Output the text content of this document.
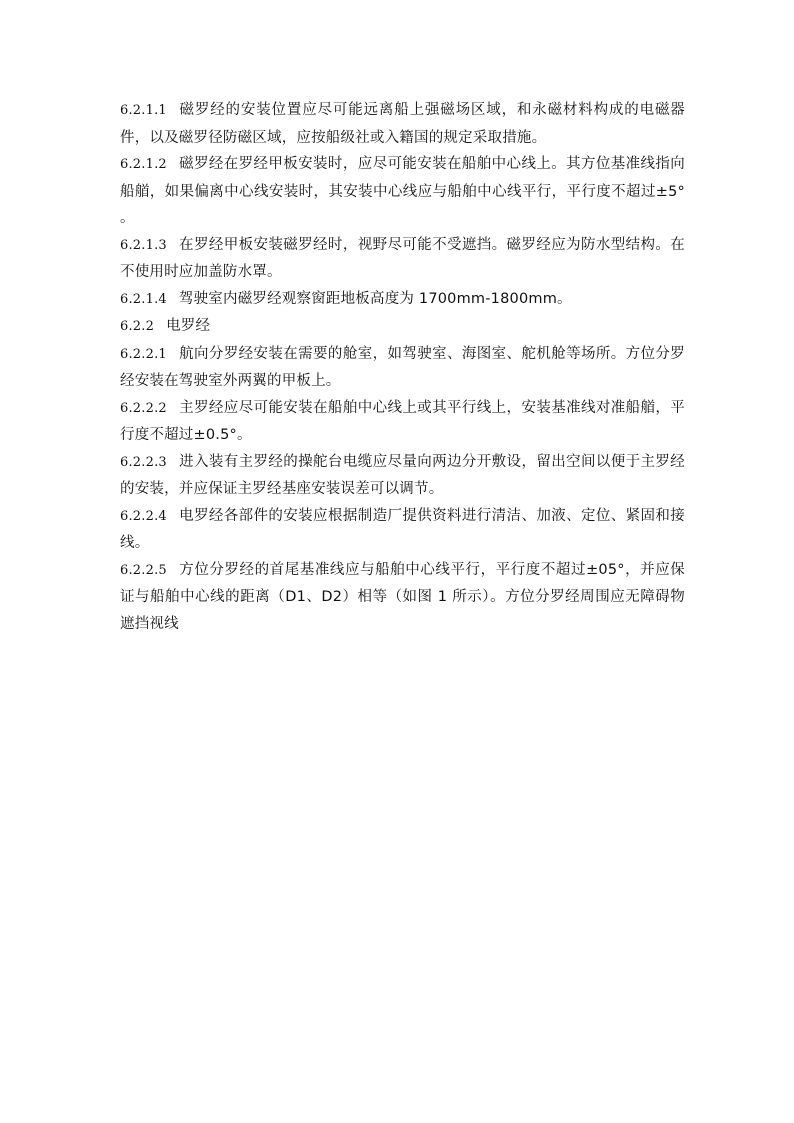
6.2.1.1 磁罗经的安装位置应尽可能远离船上强磁场区域，和永磁材料构成的电磁器件，以及磁罗径防磁区域，应按船级社或入籍国的规定采取措施。

6.2.1.2 磁罗经在罗经甲板安装时，应尽可能安装在船舶中心线上。其方位基准线指向船艏，如果偏离中心线安装时，其安装中心线应与船舶中心线平行，平行度不超过±5° 。

6.2.1.3 在罗经甲板安装磁罗经时，视野尽可能不受遮挡。磁罗经应为防水型结构。在不使用时应加盖防水罩。

6.2.1.4 驾驶室内磁罗经观察窗距地板高度为 1700mm-1800mm。

6.2.2 电罗经

6.2.2.1 航向分罗经安装在需要的舱室，如驾驶室、海图室、舵机舱等场所。方位分罗经安装在驾驶室外两翼的甲板上。

6.2.2.2 主罗经应尽可能安装在船舶中心线上或其平行线上，安装基准线对准船艏，平行度不超过±0.5°。

6.2.2.3 进入装有主罗经的操舵台电缆应尽量向两边分开敷设，留出空间以便于主罗经的安装，并应保证主罗经基座安装误差可以调节。

6.2.2.4 电罗经各部件的安装应根据制造厂提供资料进行清洁、加液、定位、紧固和接线。

6.2.2.5 方位分罗经的首尾基准线应与船舶中心线平行，平行度不超过±05°，并应保证与船舶中心线的距离（D1、D2）相等（如图 1 所示）。方位分罗经周围应无障碍物遮挡视线
